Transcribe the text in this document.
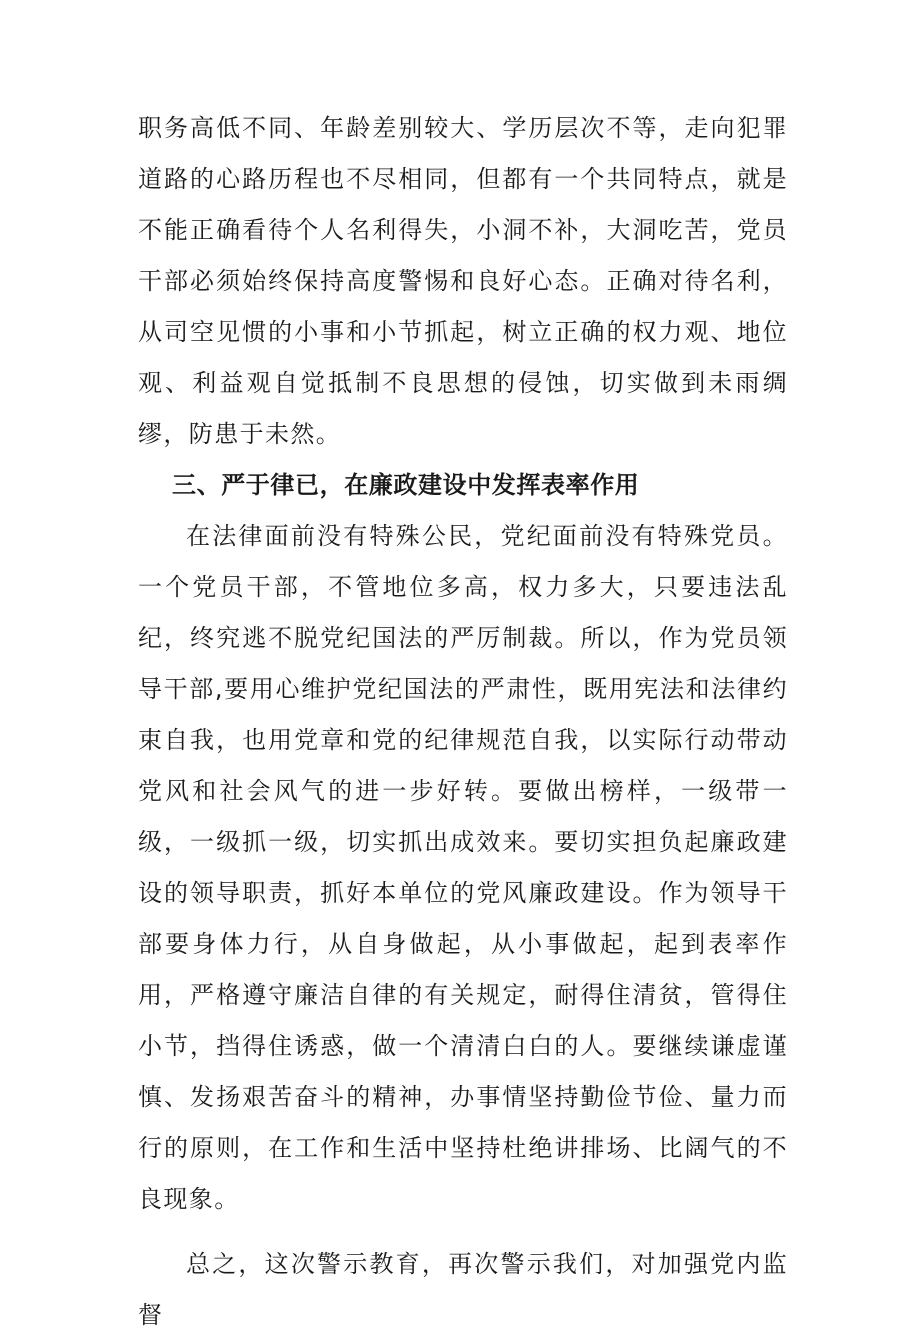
职务高低不同、年龄差别较大、学历层次不等，走向犯罪道路的心路历程也不尽相同，但都有一个共同特点，就是不能正确看待个人名利得失，小洞不补，大洞吃苦，党员干部必须始终保持高度警惕和良好心态。正确对待名利，从司空见惯的小事和小节抓起，树立正确的权力观、地位观、利益观自觉抵制不良思想的侵蚀，切实做到未雨绸缪，防患于未然。

三、严于律已，在廉政建设中发挥表率作用

在法律面前没有特殊公民，党纪面前没有特殊党员。一个党员干部，不管地位多高，权力多大，只要违法乱纪，终究逃不脱党纪国法的严厉制裁。所以，作为党员领导干部,要用心维护党纪国法的严肃性，既用宪法和法律约束自我，也用党章和党的纪律规范自我，以实际行动带动党风和社会风气的进一步好转。要做出榜样，一级带一级，一级抓一级，切实抓出成效来。要切实担负起廉政建设的领导职责，抓好本单位的党风廉政建设。作为领导干部要身体力行，从自身做起，从小事做起，起到表率作用，严格遵守廉洁自律的有关规定，耐得住清贫，管得住小节，挡得住诱惑，做一个清清白白的人。要继续谦虚谨慎、发扬艰苦奋斗的精神，办事情坚持勤俭节俭、量力而行的原则，在工作和生活中坚持杜绝讲排场、比阔气的不良现象。

总之，这次警示教育，再次警示我们，对加强党内监督
